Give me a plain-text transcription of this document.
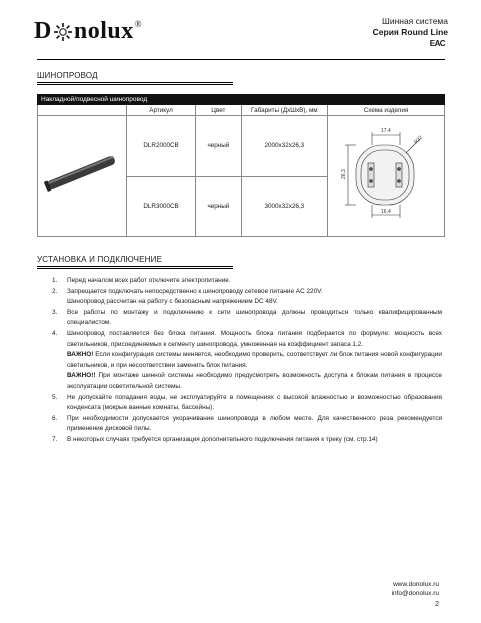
D nolux ®	Шинная система
Серия Round Line
ЕАС
ШИНОПРОВОД
Накладной/подвесной шинопровод				
	Артикул	Цвет	Габариты (ДхШхВ), мм	Схема изделия
	DLR2000CB	черный	2000x32x26,3	17,4
26,3
16,4
R32

	DLR3000CB	черный	3000x32x26,3	
УСТАНОВКА И ПОДКЛЮЧЕНИЕ
1.	Перед началом всех работ отключите электропитание.
2.	Запрещается подключать непосредственно к шинопроводу сетевое питание AC 220V.
Шинопровод рассчитан на работу с безопасным напряжением DC 48V.
3.	Все работы по монтажу и подключению к сети шинопровода должны проводиться только квалифицированным специалистом.
4.	Шинопровод поставляется без блока питания. Мощность блока питания подбирается по формуле: мощность всех светильников, присоединяемых к сегменту шинопровода, умноженная на коэффициент запаса 1,2.
ВАЖНО! Если конфигурация системы меняется, необходимо проверить, соответствует ли блок питания новой конфигурации светильников, и при несоответствии заменить блок питания.
ВАЖНО!! При монтаже шинной системы необходимо предусмотреть возможность доступа к блокам питания в процессе эксплуатации осветительной системы.
5.	Не допускайте попадания воды, не эксплуатируйте в помещениях с высокой влажностью и возможностью образования конденсата (мокрые ванные комнаты, бассейны).
6.	При необходимости допускается укорачивание шинопровода в любом месте. Для качественного реза рекомендуется применение дисковой пилы.
7.	В некоторых случаях требуется организация дополнительного подключения питания к треку (см. стр.14)
www.donolux.ru
info@donolux.ru
2
